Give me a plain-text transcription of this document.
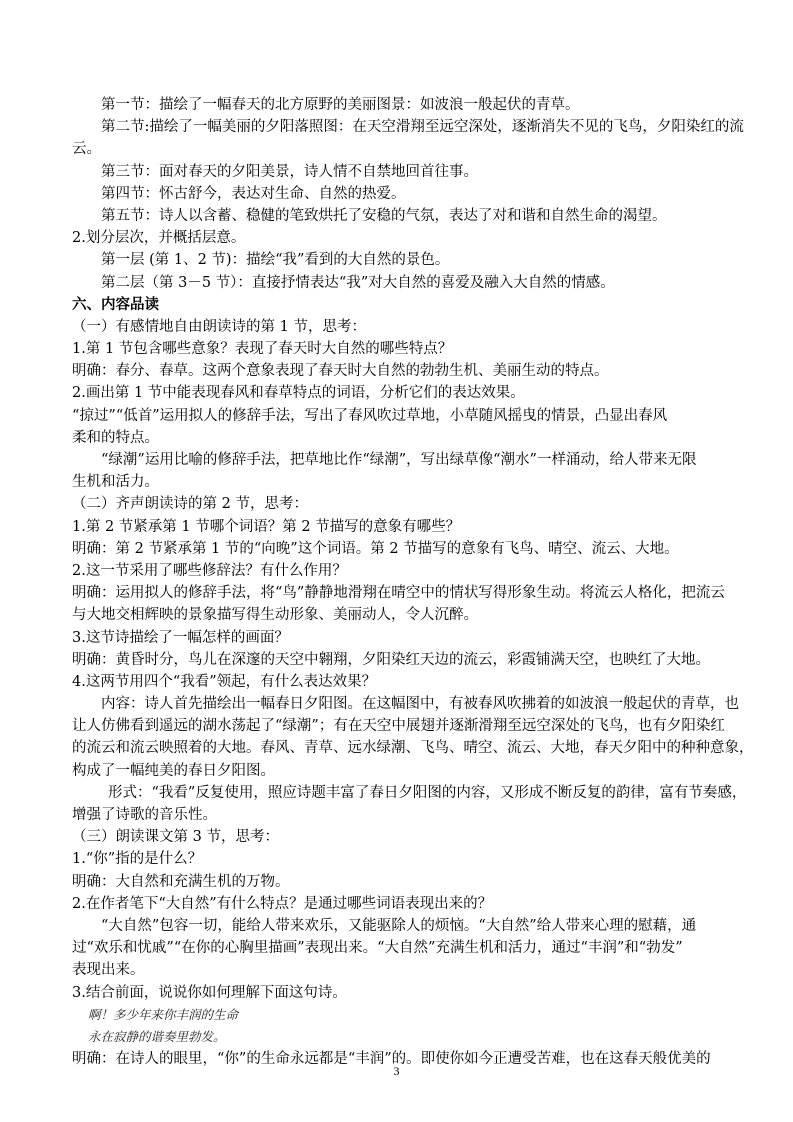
第一节：描绘了一幅春天的北方原野的美丽图景：如波浪一般起伏的青草。
第二节:描绘了一幅美丽的夕阳落照图：在天空滑翔至远空深处，逐渐消失不见的飞鸟，夕阳染红的流
云。
第三节：面对春天的夕阳美景，诗人情不自禁地回首往事。
第四节：怀古舒今，表达对生命、自然的热爱。
第五节：诗人以含蓄、稳健的笔致烘托了安稳的气氛，表达了对和谐和自然生命的渴望。
2.划分层次，并概括层意。
第一层 (第 1、2 节)：描绘“我”看到的大自然的景色。
第二层（第 3－5 节）：直接抒情表达“我”对大自然的喜爱及融入大自然的情感。
六、内容品读
（一）有感情地自由朗读诗的第 1 节，思考：
1.第 1 节包含哪些意象？表现了春天时大自然的哪些特点？
明确：春分、春草。这两个意象表现了春天时大自然的勃勃生机、美丽生动的特点。
2.画出第 1 节中能表现春风和春草特点的词语，分析它们的表达效果。
“掠过”“低首”运用拟人的修辞手法，写出了春风吹过草地，小草随风摇曳的情景，凸显出春风
柔和的特点。
“绿潮”运用比喻的修辞手法，把草地比作“绿潮”，写出绿草像“潮水”一样涌动，给人带来无限
生机和活力。
（二）齐声朗读诗的第 2 节，思考：
1.第 2 节紧承第 1 节哪个词语？第 2 节描写的意象有哪些？
明确：第 2 节紧承第 1 节的“向晚”这个词语。第 2 节描写的意象有飞鸟、晴空、流云、大地。
2.这一节采用了哪些修辞法？有什么作用？
明确：运用拟人的修辞手法，将“鸟”静静地滑翔在晴空中的情状写得形象生动。将流云人格化，把流云
与大地交相辉映的景象描写得生动形象、美丽动人，令人沉醉。
3.这节诗描绘了一幅怎样的画面？
明确：黄昏时分，鸟儿在深邃的天空中翱翔，夕阳染红天边的流云，彩霞铺满天空，也映红了大地。
4.这两节用四个“我看”领起，有什么表达效果？
内容：诗人首先描绘出一幅春日夕阳图。在这幅图中，有被春风吹拂着的如波浪一般起伏的青草，也
让人仿佛看到遥远的湖水荡起了“绿潮”；有在天空中展翅并逐渐滑翔至远空深处的飞鸟，也有夕阳染红
的流云和流云映照着的大地。春风、青草、远水绿潮、飞鸟、晴空、流云、大地，春天夕阳中的种种意象，
构成了一幅纯美的春日夕阳图。
形式：“我看”反复使用，照应诗题丰富了春日夕阳图的内容，又形成不断反复的韵律，富有节奏感，
增强了诗歌的音乐性。
（三）朗读课文第 3 节，思考：
1.“你”指的是什么？
明确：大自然和充满生机的万物。
2.在作者笔下“大自然”有什么特点？是通过哪些词语表现出来的？
“大自然”包容一切，能给人带来欢乐，又能驱除人的烦恼。“大自然”给人带来心理的慰藉，通
过“欢乐和忧戚”“在你的心胸里描画”表现出来。“大自然”充满生机和活力，通过“丰润”和“勃发”
表现出来。
3.结合前面，说说你如何理解下面这句诗。
啊！多少年来你丰润的生命
永在寂静的谐奏里勃发。
明确：在诗人的眼里，“你”的生命永远都是“丰润”的。即使你如今正遭受苦难，也在这春天般优美的
3
